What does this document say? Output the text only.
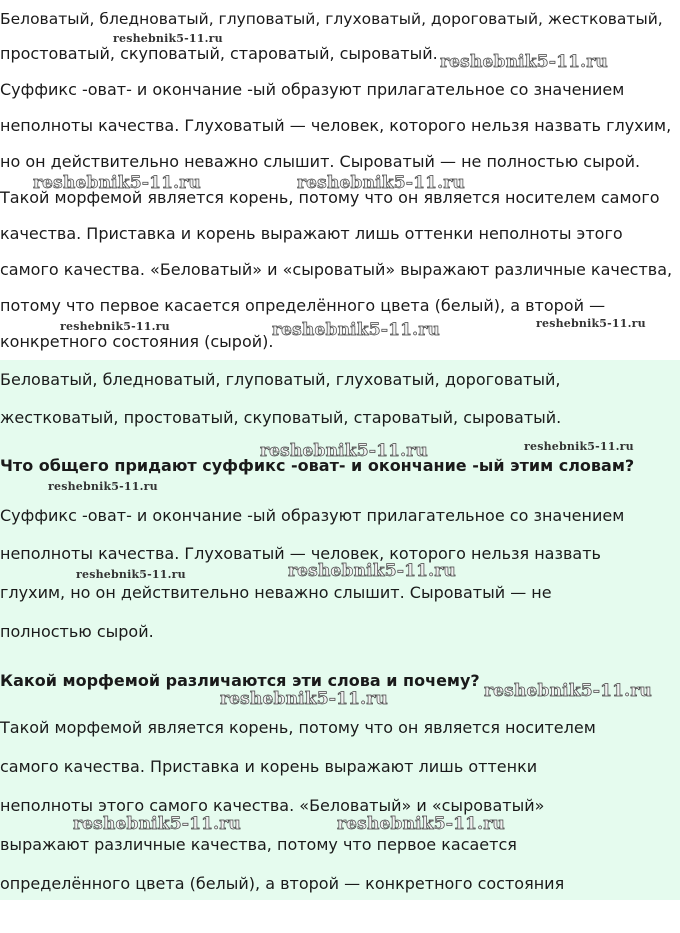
Беловатый, бледноватый, глуповатый, глуховатый, дороговатый, жестковатый,

простоватый, скуповатый, староватый, сыроватый.

Суффикс -оват- и окончание -ый образуют прилагательное со значением

неполноты качества. Глуховатый — человек, которого нельзя назвать глухим,

но он действительно неважно слышит. Сыроватый — не полностью сырой.

Такой морфемой является корень, потому что он является носителем самого

качества. Приставка и корень выражают лишь оттенки неполноты этого

самого качества. «Беловатый» и «сыроватый» выражают различные качества,

потому что первое касается определённого цвета (белый), а второй —

конкретного состояния (сырой).

Беловатый, бледноватый, глуповатый, глуховатый, дороговатый,

жестковатый, простоватый, скуповатый, староватый, сыроватый.

Что общего придают суффикс -оват- и окончание -ый этим словам?

Суффикс -оват- и окончание -ый образуют прилагательное со значением

неполноты качества. Глуховатый — человек, которого нельзя назвать

глухим, но он действительно неважно слышит. Сыроватый — не

полностью сырой.

Какой морфемой различаются эти слова и почему?

Такой морфемой является корень, потому что он является носителем

самого качества. Приставка и корень выражают лишь оттенки

неполноты этого самого качества. «Беловатый» и «сыроватый»

выражают различные качества, потому что первое касается

определённого цвета (белый), а второй — конкретного состояния

reshebnik5-11.ru
reshebnik5-11.ru
reshebnik5-11.ru	reshebnik5-11.ru
reshebnik5-11.ru	reshebnik5-11.ru	reshebnik5-11.ru
reshebnik5-11.ru	reshebnik5-11.ru
reshebnik5-11.ru
reshebnik5-11.ru	reshebnik5-11.ru
reshebnik5-11.ru
reshebnik5-11.ru
reshebnik5-11.ru	reshebnik5-11.ru
